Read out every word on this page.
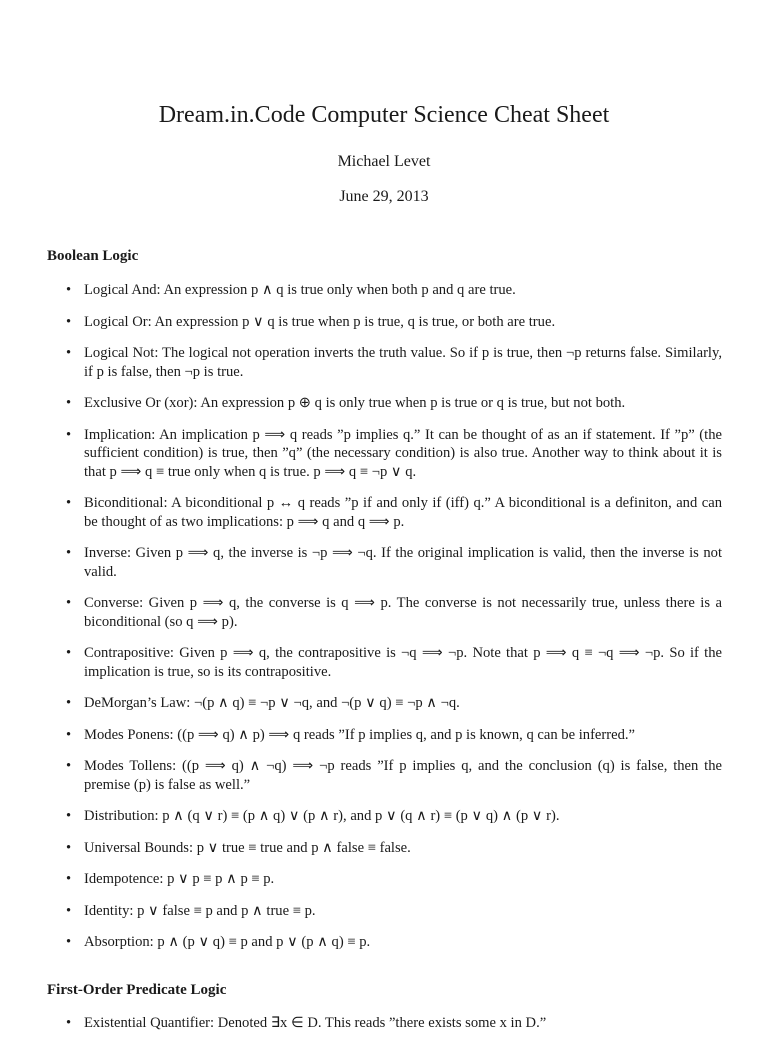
Dream.in.Code Computer Science Cheat Sheet
Michael Levet
June 29, 2013
Boolean Logic
• Logical And: An expression p ∧ q is true only when both p and q are true.
• Logical Or: An expression p ∨ q is true when p is true, q is true, or both are true.
• Logical Not: The logical not operation inverts the truth value. So if p is true, then ¬p returns false. Similarly, if p is false, then ¬p is true.
• Exclusive Or (xor): An expression p ⊕ q is only true when p is true or q is true, but not both.
• Implication: An implication p ⟹ q reads ”p implies q.” It can be thought of as an if statement. If ”p” (the sufficient condition) is true, then ”q” (the necessary condition) is also true. Another way to think about it is that p ⟹ q ≡ true only when q is true. p ⟹ q ≡ ¬p ∨ q.
• Biconditional: A biconditional p ↔ q reads ”p if and only if (iff) q.” A biconditional is a definiton, and can be thought of as two implications: p ⟹ q and q ⟹ p.
• Inverse: Given p ⟹ q, the inverse is ¬p ⟹ ¬q. If the original implication is valid, then the inverse is not valid.
• Converse: Given p ⟹ q, the converse is q ⟹ p. The converse is not necessarily true, unless there is a biconditional (so q ⟹ p).
• Contrapositive: Given p ⟹ q, the contrapositive is ¬q ⟹ ¬p. Note that p ⟹ q ≡ ¬q ⟹ ¬p. So if the implication is true, so is its contrapositive.
• DeMorgan’s Law: ¬(p ∧ q) ≡ ¬p ∨ ¬q, and ¬(p ∨ q) ≡ ¬p ∧ ¬q.
• Modes Ponens: ((p ⟹ q) ∧ p) ⟹ q reads ”If p implies q, and p is known, q can be inferred.”
• Modes Tollens: ((p ⟹ q) ∧ ¬q) ⟹ ¬p reads ”If p implies q, and the conclusion (q) is false, then the premise (p) is false as well.”
• Distribution: p ∧ (q ∨ r) ≡ (p ∧ q) ∨ (p ∧ r), and p ∨ (q ∧ r) ≡ (p ∨ q) ∧ (p ∨ r).
• Universal Bounds: p ∨ true ≡ true and p ∧ false ≡ false.
• Idempotence: p ∨ p ≡ p ∧ p ≡ p.
• Identity: p ∨ false ≡ p and p ∧ true ≡ p.
• Absorption: p ∧ (p ∨ q) ≡ p and p ∨ (p ∧ q) ≡ p.
First-Order Predicate Logic
• Existential Quantifier: Denoted ∃x ∈ D. This reads ”there exists some x in D.”
